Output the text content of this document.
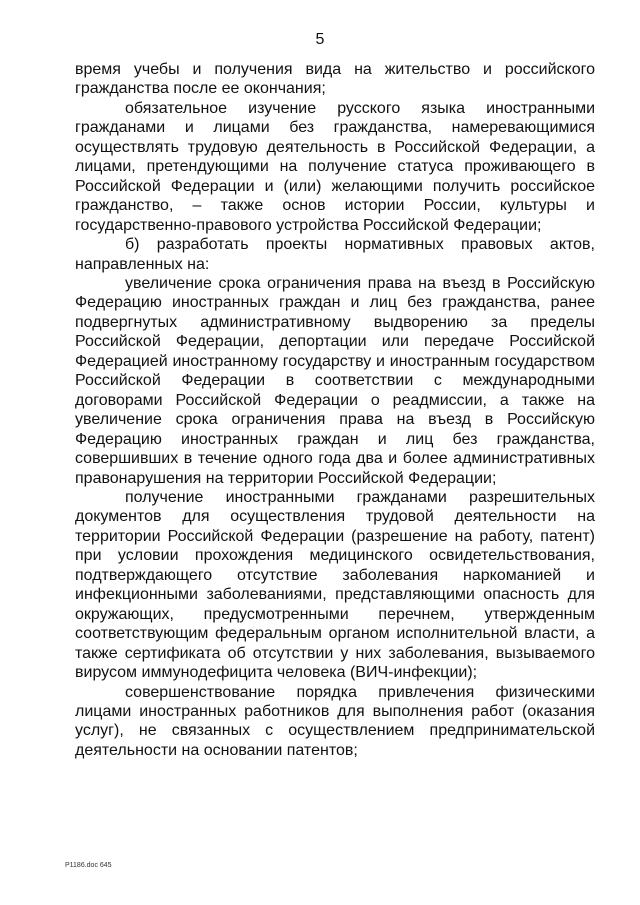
5

время учебы и получения вида на жительство и российского гражданства после ее окончания;

обязательное изучение русского языка иностранными гражданами и лицами без гражданства, намеревающимися осуществлять трудовую деятельность в Российской Федерации, а лицами, претендующими на получение статуса проживающего в Российской Федерации и (или) желающими получить российское гражданство, – также основ истории России, культуры и государственно-правового устройства Российской Федерации;

б) разработать проекты нормативных правовых актов, направленных на:

увеличение срока ограничения права на въезд в Российскую Федерацию иностранных граждан и лиц без гражданства, ранее подвергнутых административному выдворению за пределы Российской Федерации, депортации или передаче Российской Федерацией иностранному государству и иностранным государством Российской Федерации в соответствии с международными договорами Российской Федерации о реадмиссии, а также на увеличение срока ограничения права на въезд в Российскую Федерацию иностранных граждан и лиц без гражданства, совершивших в течение одного года два и более административных правонарушения на территории Российской Федерации;

получение иностранными гражданами разрешительных документов для осуществления трудовой деятельности на территории Российской Федерации (разрешение на работу, патент) при условии прохождения медицинского освидетельствования, подтверждающего отсутствие заболевания наркоманией и инфекционными заболеваниями, представляющими опасность для окружающих, предусмотренными перечнем, утвержденным соответствующим федеральным органом исполнительной власти, а также сертификата об отсутствии у них заболевания, вызываемого вирусом иммунодефицита человека (ВИЧ-инфекции);

совершенствование порядка привлечения физическими лицами иностранных работников для выполнения работ (оказания услуг), не связанных с осуществлением предпринимательской деятельности на основании патентов;

P1186.doc 645
